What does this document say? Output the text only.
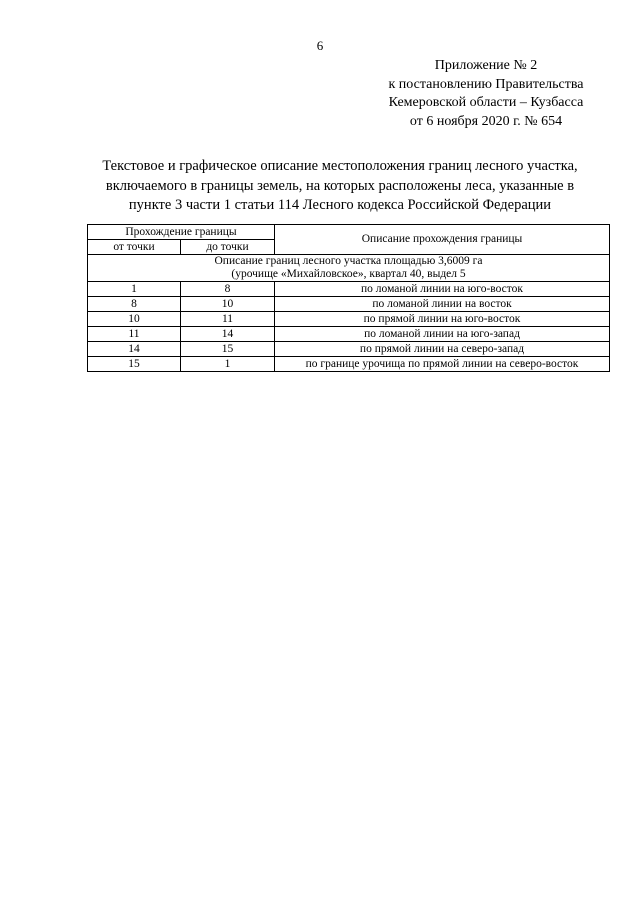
6
Приложение № 2
к постановлению Правительства
Кемеровской области – Кузбасса
от 6 ноября 2020 г. № 654
Текстовое и графическое описание местоположения границ лесного участка,
включаемого в границы земель, на которых расположены леса, указанные в
пункте 3 части 1 статьи 114 Лесного кодекса Российской Федерации
Прохождение границы		Описание прохождения границы
от точки	до точки	

Описание границ лесного участка площадью 3,6009 га
(урочище «Михайловское», квартал 40, выдел 5		

1	8	по ломаной линии на юго-восток
8	10	по ломаной линии на восток
10	11	по прямой линии на юго-восток
11	14	по ломаной линии на юго-запад
14	15	по прямой линии на северо-запад
15	1	по границе урочища по прямой линии на северо-восток
